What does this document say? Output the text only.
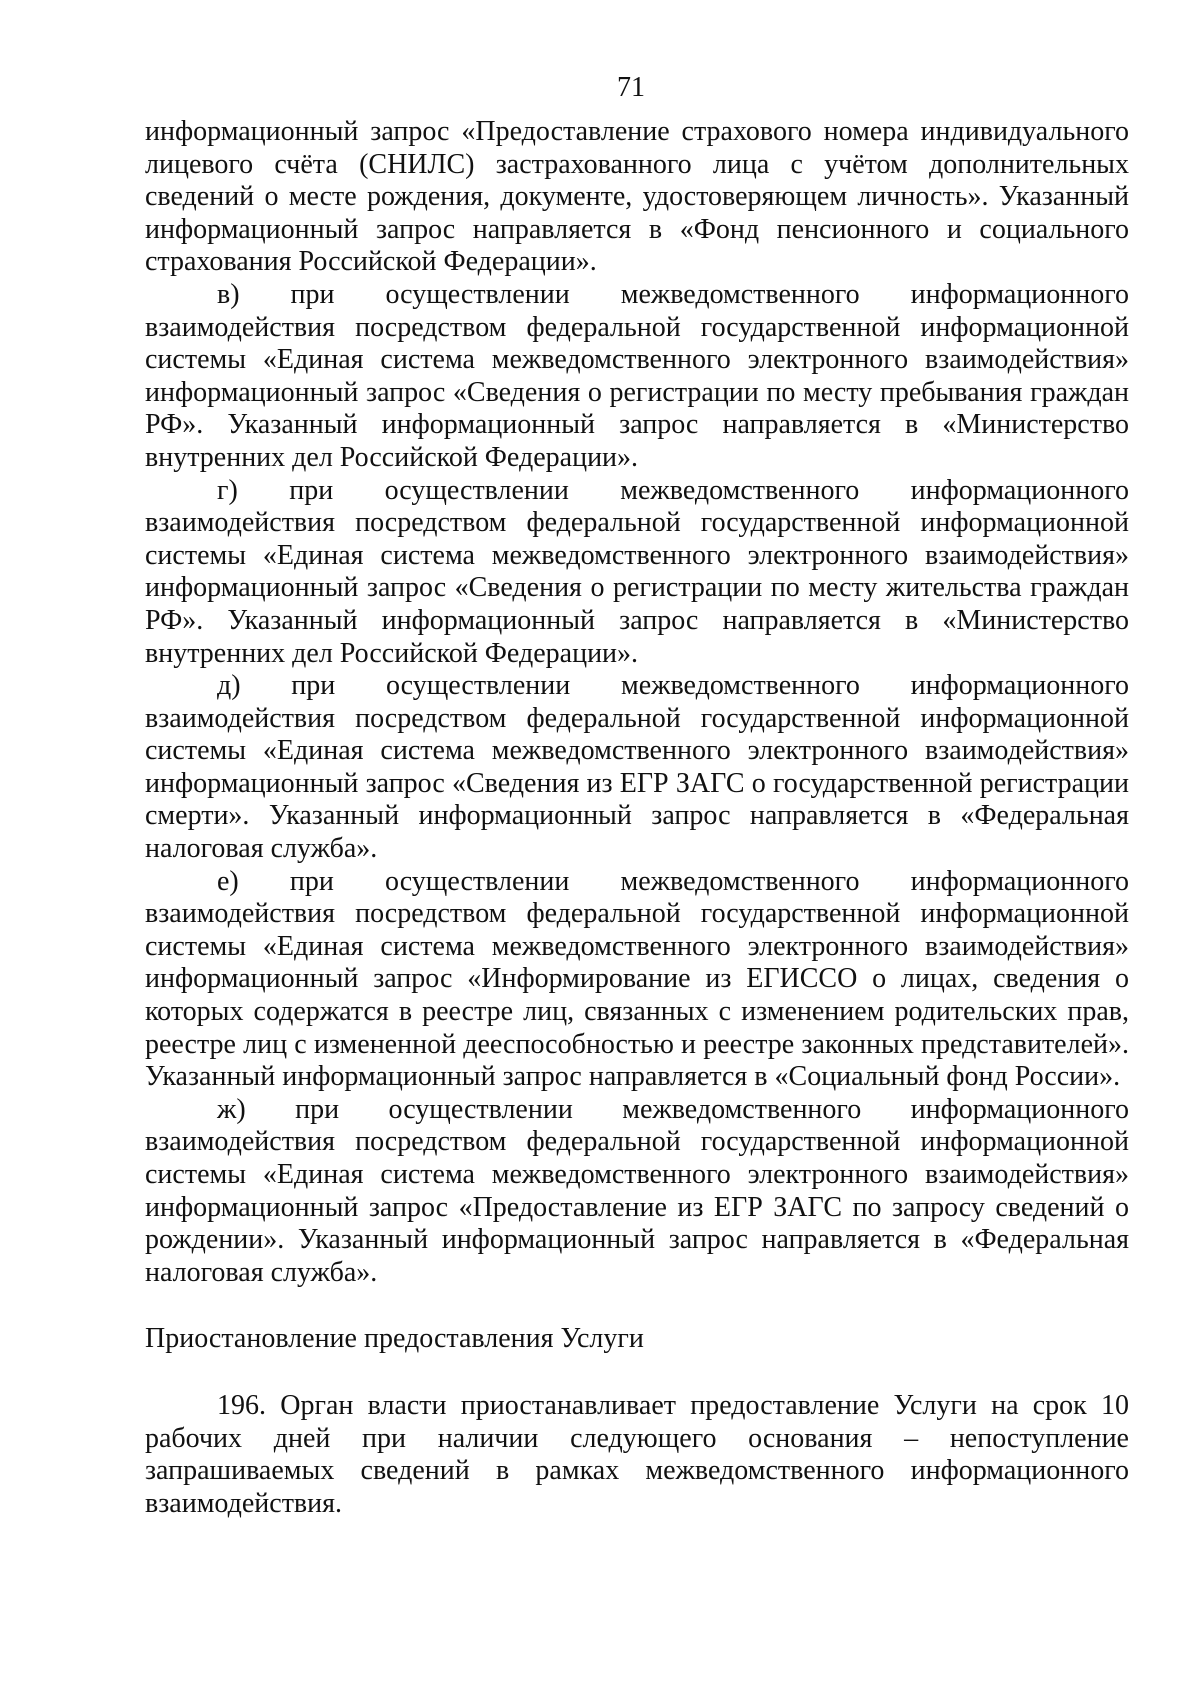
71

информационный запрос «Предоставление страхового номера индивидуального лицевого счёта (СНИЛС) застрахованного лица с учётом дополнительных сведений о месте рождения, документе, удостоверяющем личность». Указанный информационный запрос направляется в «Фонд пенсионного и социального страхования Российской Федерации».

в) при осуществлении межведомственного информационного взаимодействия посредством федеральной государственной информационной системы «Единая система межведомственного электронного взаимодействия» информационный запрос «Сведения о регистрации по месту пребывания граждан РФ». Указанный информационный запрос направляется в «Министерство внутренних дел Российской Федерации».

г) при осуществлении межведомственного информационного взаимодействия посредством федеральной государственной информационной системы «Единая система межведомственного электронного взаимодействия» информационный запрос «Сведения о регистрации по месту жительства граждан РФ». Указанный информационный запрос направляется в «Министерство внутренних дел Российской Федерации».

д) при осуществлении межведомственного информационного взаимодействия посредством федеральной государственной информационной системы «Единая система межведомственного электронного взаимодействия» информационный запрос «Сведения из ЕГР ЗАГС о государственной регистрации смерти». Указанный информационный запрос направляется в «Федеральная налоговая служба».

е) при осуществлении межведомственного информационного взаимодействия посредством федеральной государственной информационной системы «Единая система межведомственного электронного взаимодействия» информационный запрос «Информирование из ЕГИССО о лицах, сведения о которых содержатся в реестре лиц, связанных с изменением родительских прав, реестре лиц с измененной дееспособностью и реестре законных представителей». Указанный информационный запрос направляется в «Социальный фонд России».

ж) при осуществлении межведомственного информационного взаимодействия посредством федеральной государственной информационной системы «Единая система межведомственного электронного взаимодействия» информационный запрос «Предоставление из ЕГР ЗАГС по запросу сведений о рождении». Указанный информационный запрос направляется в «Федеральная налоговая служба».

Приостановление предоставления Услуги

196. Орган власти приостанавливает предоставление Услуги на срок 10 рабочих дней при наличии следующего основания – непоступление запрашиваемых сведений в рамках межведомственного информационного взаимодействия.
